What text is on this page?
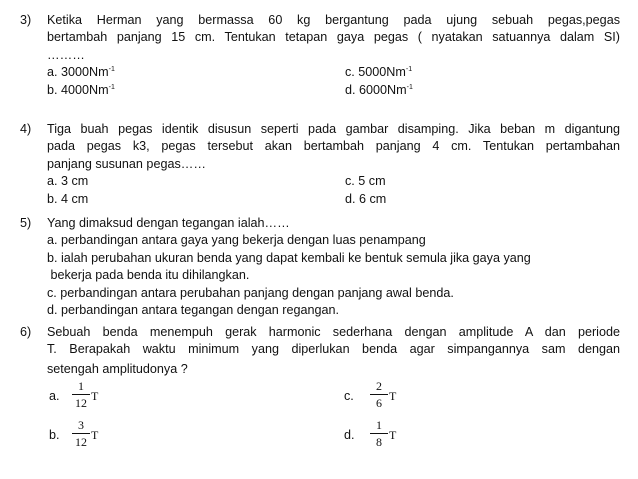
3) Ketika Herman yang bermassa 60 kg bergantung pada ujung sebuah pegas,pegas
bertambah panjang 15 cm. Tentukan tetapan gaya pegas ( nyatakan satuannya dalam SI)
………
a. $3000Nm^{-1}$	c. $5000Nm^{-1}$
b. $4000Nm^{-1}$	d. $6000Nm^{-1}$
4) Tiga buah pegas identik disusun seperti pada gambar disamping. Jika beban m digantung
pada pegas k3, pegas tersebut akan bertambah panjang 4 cm. Tentukan pertambahan
panjang susunan pegas……
a. 3 cm	c. 5 cm
b. 4 cm	d. 6 cm
5) Yang dimaksud dengan tegangan ialah……
a. perbandingan antara gaya yang bekerja dengan luas penampang
b. ialah perubahan ukuran benda yang dapat kembali ke bentuk semula jika gaya yang
bekerja pada benda itu dihilangkan.
c. perbandingan antara perubahan panjang dengan panjang awal benda.
d. perbandingan antara tegangan dengan regangan.
6) Sebuah benda menempuh gerak harmonic sederhana dengan amplitude A dan periode
T. Berapakah waktu minimum yang diperlukan benda agar simpangannya sam dengan
setengah amplitudonya ?
a.
1
12 T	c.
2
6 T
b.
3
12 T	d.
1
8 T
